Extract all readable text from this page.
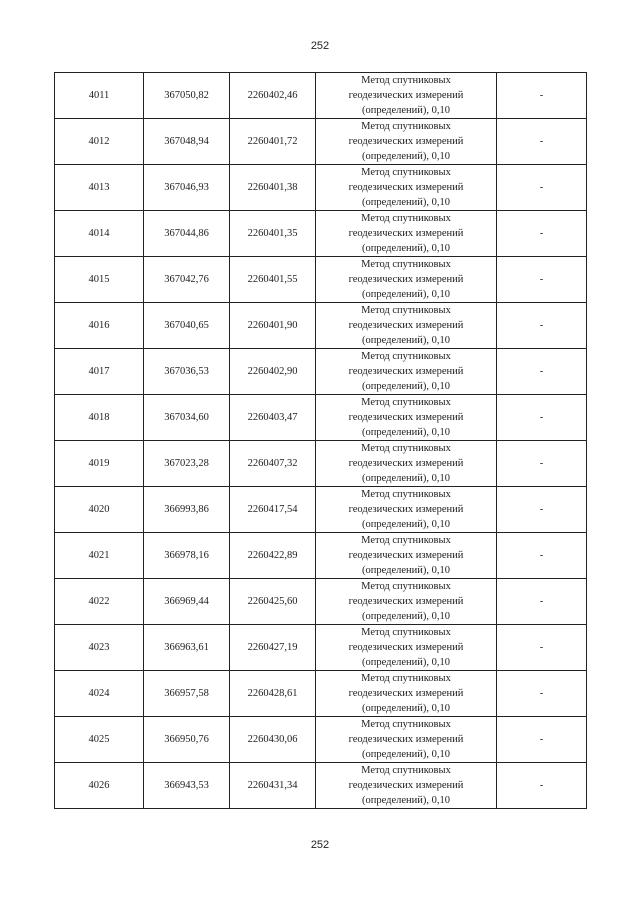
252
4011	367050,82	2260402,46	Метод спутниковых
геодезических измерений
(определений), 0,10	-
4012	367048,94	2260401,72	Метод спутниковых
геодезических измерений
(определений), 0,10	-
4013	367046,93	2260401,38	Метод спутниковых
геодезических измерений
(определений), 0,10	-
4014	367044,86	2260401,35	Метод спутниковых
геодезических измерений
(определений), 0,10	-
4015	367042,76	2260401,55	Метод спутниковых
геодезических измерений
(определений), 0,10	-
4016	367040,65	2260401,90	Метод спутниковых
геодезических измерений
(определений), 0,10	-
4017	367036,53	2260402,90	Метод спутниковых
геодезических измерений
(определений), 0,10	-
4018	367034,60	2260403,47	Метод спутниковых
геодезических измерений
(определений), 0,10	-
4019	367023,28	2260407,32	Метод спутниковых
геодезических измерений
(определений), 0,10	-
4020	366993,86	2260417,54	Метод спутниковых
геодезических измерений
(определений), 0,10	-
4021	366978,16	2260422,89	Метод спутниковых
геодезических измерений
(определений), 0,10	-
4022	366969,44	2260425,60	Метод спутниковых
геодезических измерений
(определений), 0,10	-
4023	366963,61	2260427,19	Метод спутниковых
геодезических измерений
(определений), 0,10	-
4024	366957,58	2260428,61	Метод спутниковых
геодезических измерений
(определений), 0,10	-
4025	366950,76	2260430,06	Метод спутниковых
геодезических измерений
(определений), 0,10	-
4026	366943,53	2260431,34	Метод спутниковых
геодезических измерений
(определений), 0,10	-
252
